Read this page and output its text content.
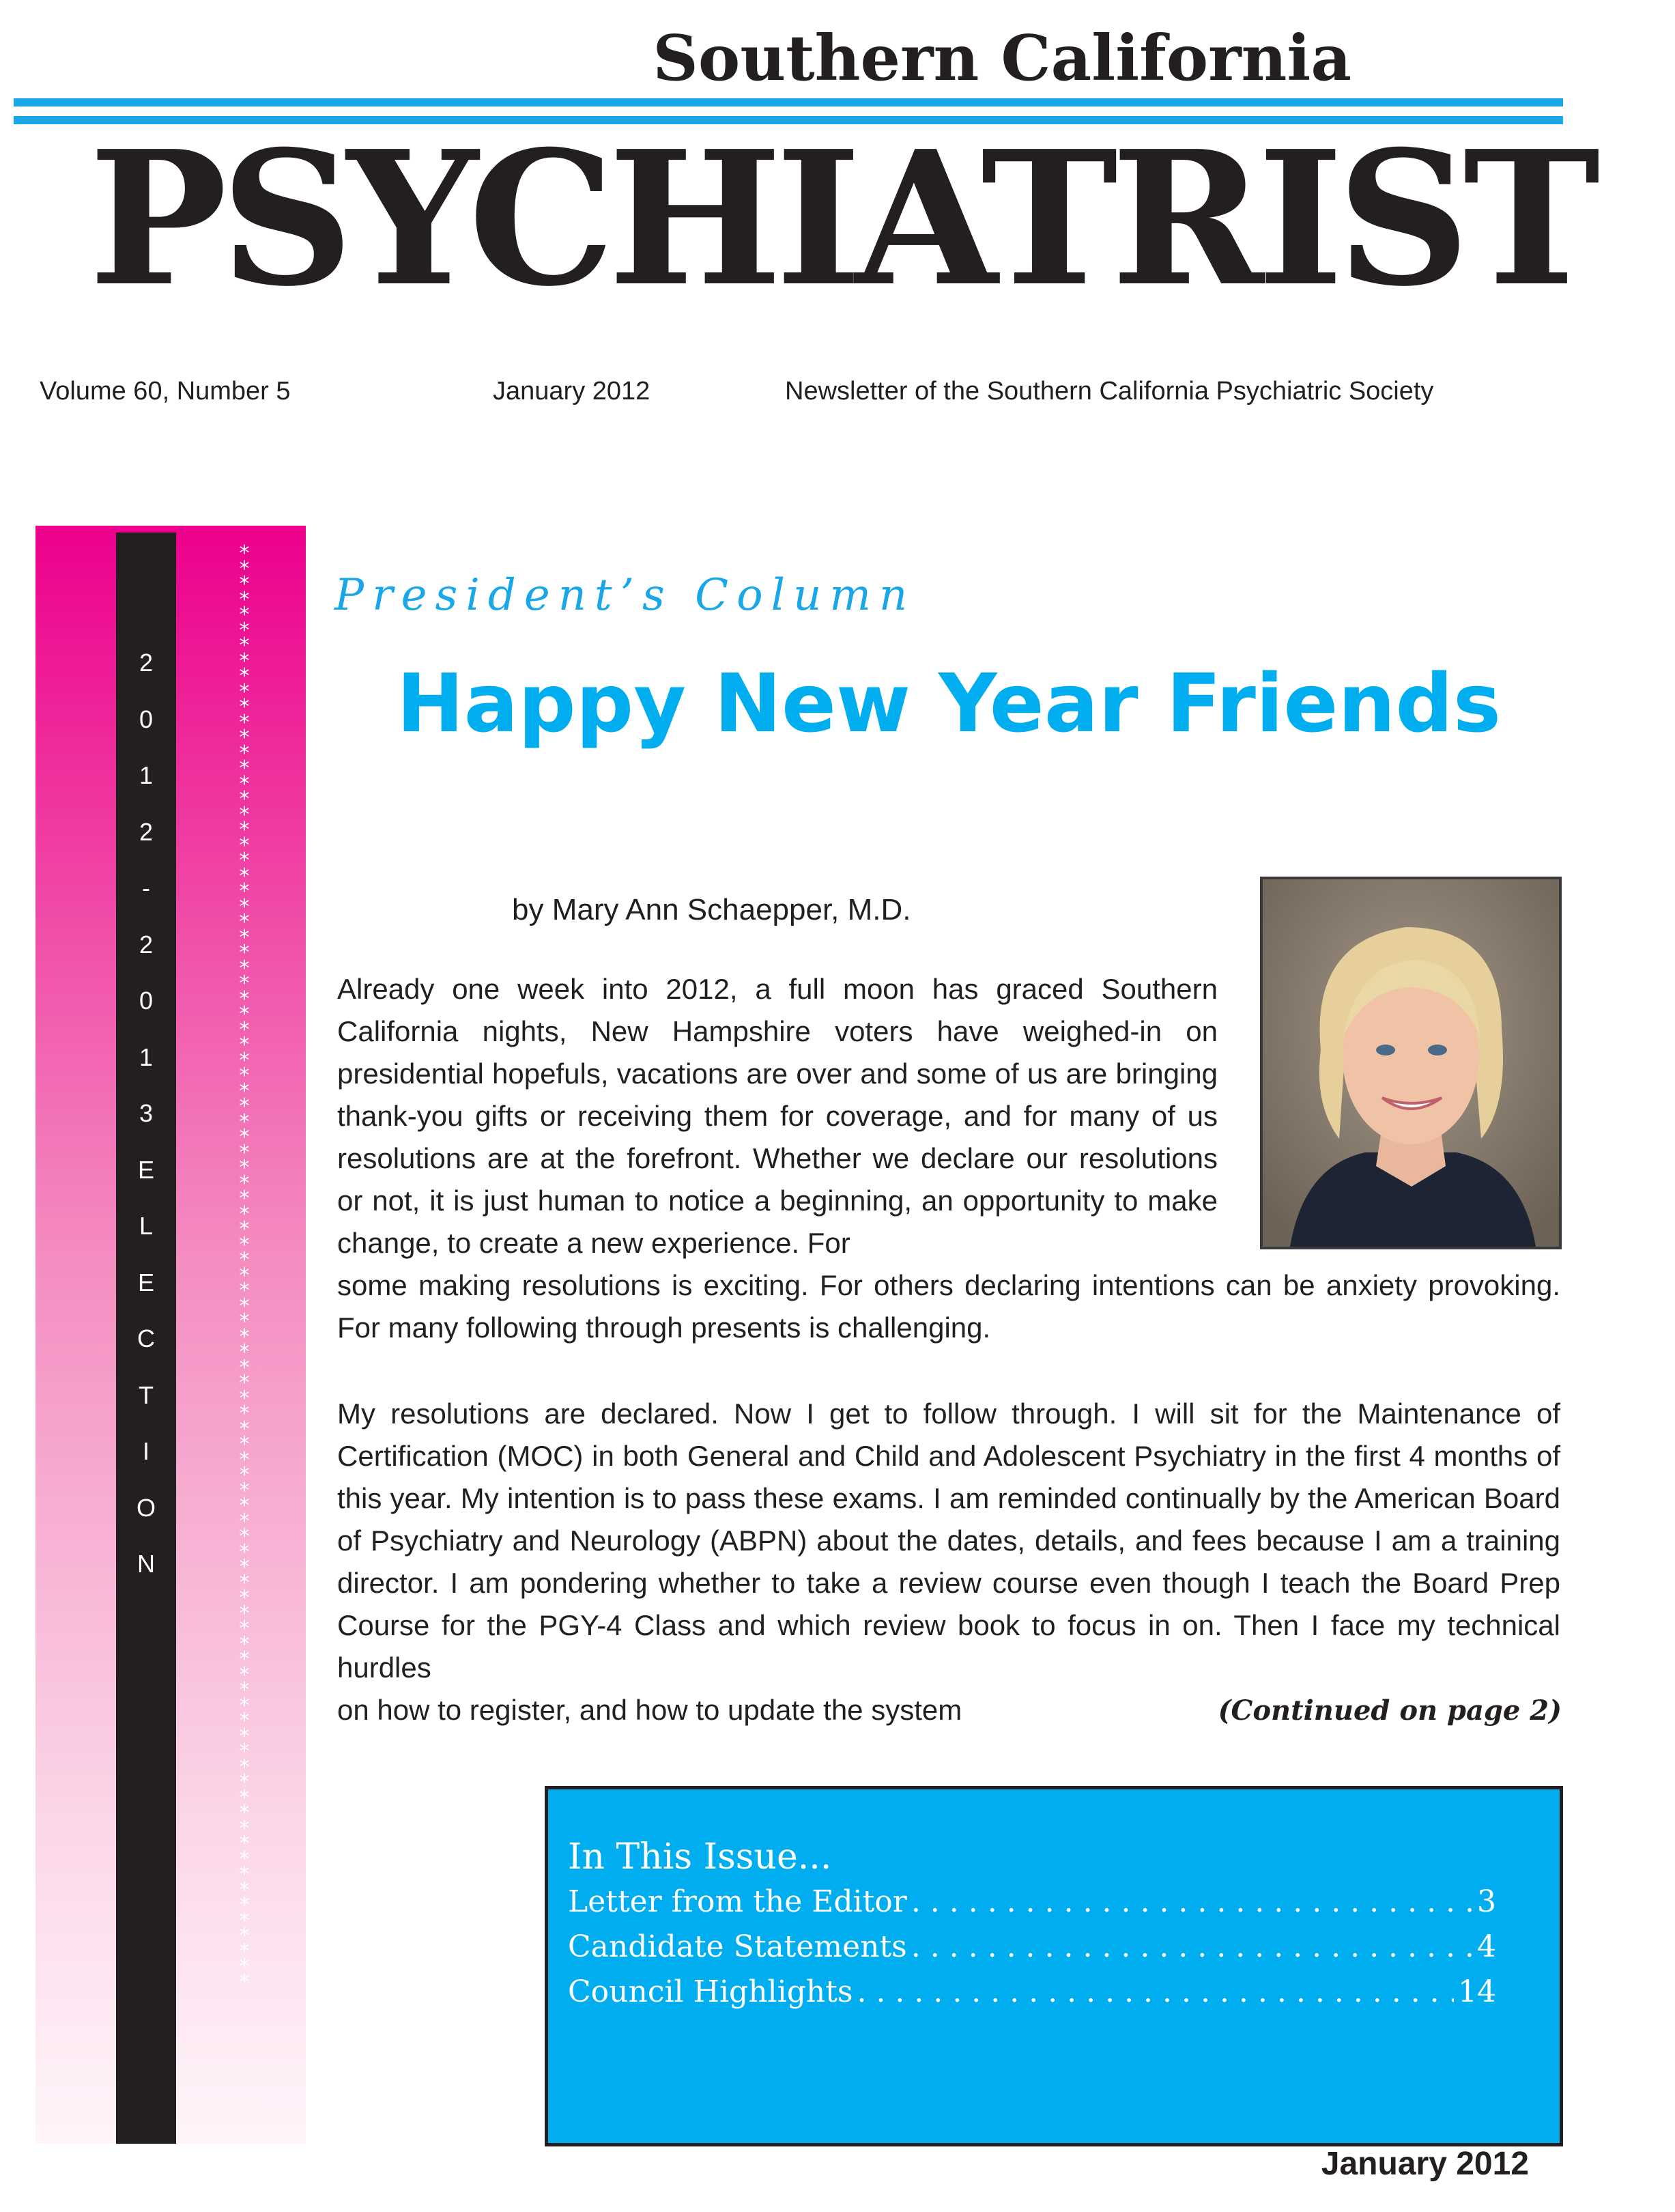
Southern California
PSYCHIATRIST
Volume 60, Number 5	January 2012	Newsletter of the Southern California Psychiatric Society
2
0
1
2
-
2
0
1
3
E
L
E
C
T
I
O
N
*
*
*
*
*
*
*
*
*
*
*
*
*
*
*
*
*
*
*
*
*
*
*
*
*
*
*
*
*
*
*
*
*
*
*
*
*
*
*
*
*
*
*
*
*
*
*
*
*
*
*
*
*
*
*
*
*
*
*
*
*
*
*
*
*
*
*
*
*
*
*
*
*
*
*
*
*
*
*
*
*
*
*
*
*
*
*
*
*
*
*
*
*
*
President’s Column
Happy New Year Friends
by Mary Ann Schaepper, M.D.

Already one week into 2012, a full moon has graced Southern California nights, New Hampshire voters have weighed-in on presidential hopefuls, vacations are over and some of us are bringing thank-you gifts or receiving them for coverage, and for many of us resolutions are at the forefront. Whether we declare our resolutions or not, it is just human to notice a beginning, an opportunity to make change, to create a new experience. For

some making resolutions is exciting. For others declaring intentions can be anxiety provoking. For many following through presents is challenging.

My resolutions are declared. Now I get to follow through. I will sit for the Maintenance of Certification (MOC) in both General and Child and Adolescent Psychiatry in the first 4 months of this year. My intention is to pass these exams. I am reminded continually by the American Board of Psychiatry and Neurology (ABPN) about the dates, details, and fees because I am a training director. I am pondering whether to take a review course even though I teach the Board Prep Course for the PGY-4 Class and which review book to focus in on. Then I face my technical hurdles

on how to register, and how to update the system	(Continued on page 2)
In This Issue...
Letter from the Editor . . .	3
Candidate Statements . . .	4
Council Highlights . . .	14
January 2012
